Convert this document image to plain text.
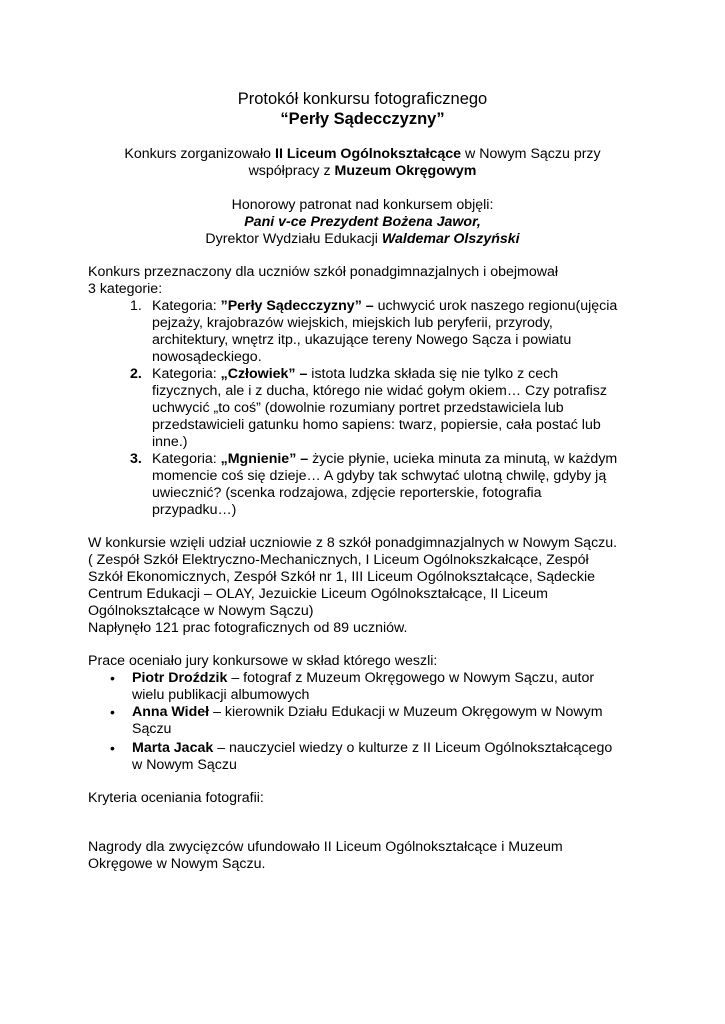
Protokół konkursu fotograficznego

“Perły Sądecczyzny”

Konkurs zorganizowało II Liceum Ogólnokształcące w Nowym Sączu przy

współpracy z Muzeum Okręgowym

Honorowy patronat nad konkursem objęli:

Pani v-ce Prezydent Bożena Jawor,

Dyrektor Wydziału Edukacji Waldemar Olszyński

Konkurs przeznaczony dla uczniów szkół ponadgimnazjalnych i obejmował

3 kategorie:

1. Kategoria: ”Perły Sądecczyzny” – uchwycić urok naszego regionu(ujęcia

pejzaży, krajobrazów wiejskich, miejskich lub peryferii, przyrody,

architektury, wnętrz itp., ukazujące tereny Nowego Sącza i powiatu

nowosądeckiego.

2. Kategoria: „Człowiek” – istota ludzka składa się nie tylko z cech

fizycznych, ale i z ducha, którego nie widać gołym okiem… Czy potrafisz

uchwycić „to coś” (dowolnie rozumiany portret przedstawiciela lub

przedstawicieli gatunku homo sapiens: twarz, popiersie, cała postać lub

inne.)

3. Kategoria: „Mgnienie” – życie płynie, ucieka minuta za minutą, w każdym

momencie coś się dzieje… A gdyby tak schwytać ulotną chwilę, gdyby ją

uwiecznić? (scenka rodzajowa, zdjęcie reporterskie, fotografia

przypadku…)

W konkursie wzięli udział uczniowie z 8 szkół ponadgimnazjalnych w Nowym Sączu.

( Zespół Szkół Elektryczno-Mechanicznych, I Liceum Ogólnokszkałcące, Zespół

Szkół Ekonomicznych, Zespół Szkół nr 1, III Liceum Ogólnokształcące, Sądeckie

Centrum Edukacji – OLAY, Jezuickie Liceum Ogólnokształcące, II Liceum

Ogólnokształcące w Nowym Sączu)

Napłynęło 121 prac fotograficznych od 89 uczniów.

Prace oceniało jury konkursowe w skład którego weszli:

• Piotr Droździk – fotograf z Muzeum Okręgowego w Nowym Sączu, autor

wielu publikacji albumowych

• Anna Wideł – kierownik Działu Edukacji w Muzeum Okręgowym w Nowym

Sączu

• Marta Jacak – nauczyciel wiedzy o kulturze z II Liceum Ogólnokształcącego

w Nowym Sączu

Kryteria oceniania fotografii:

Nagrody dla zwycięzców ufundowało II Liceum Ogólnokształcące i Muzeum

Okręgowe w Nowym Sączu.
